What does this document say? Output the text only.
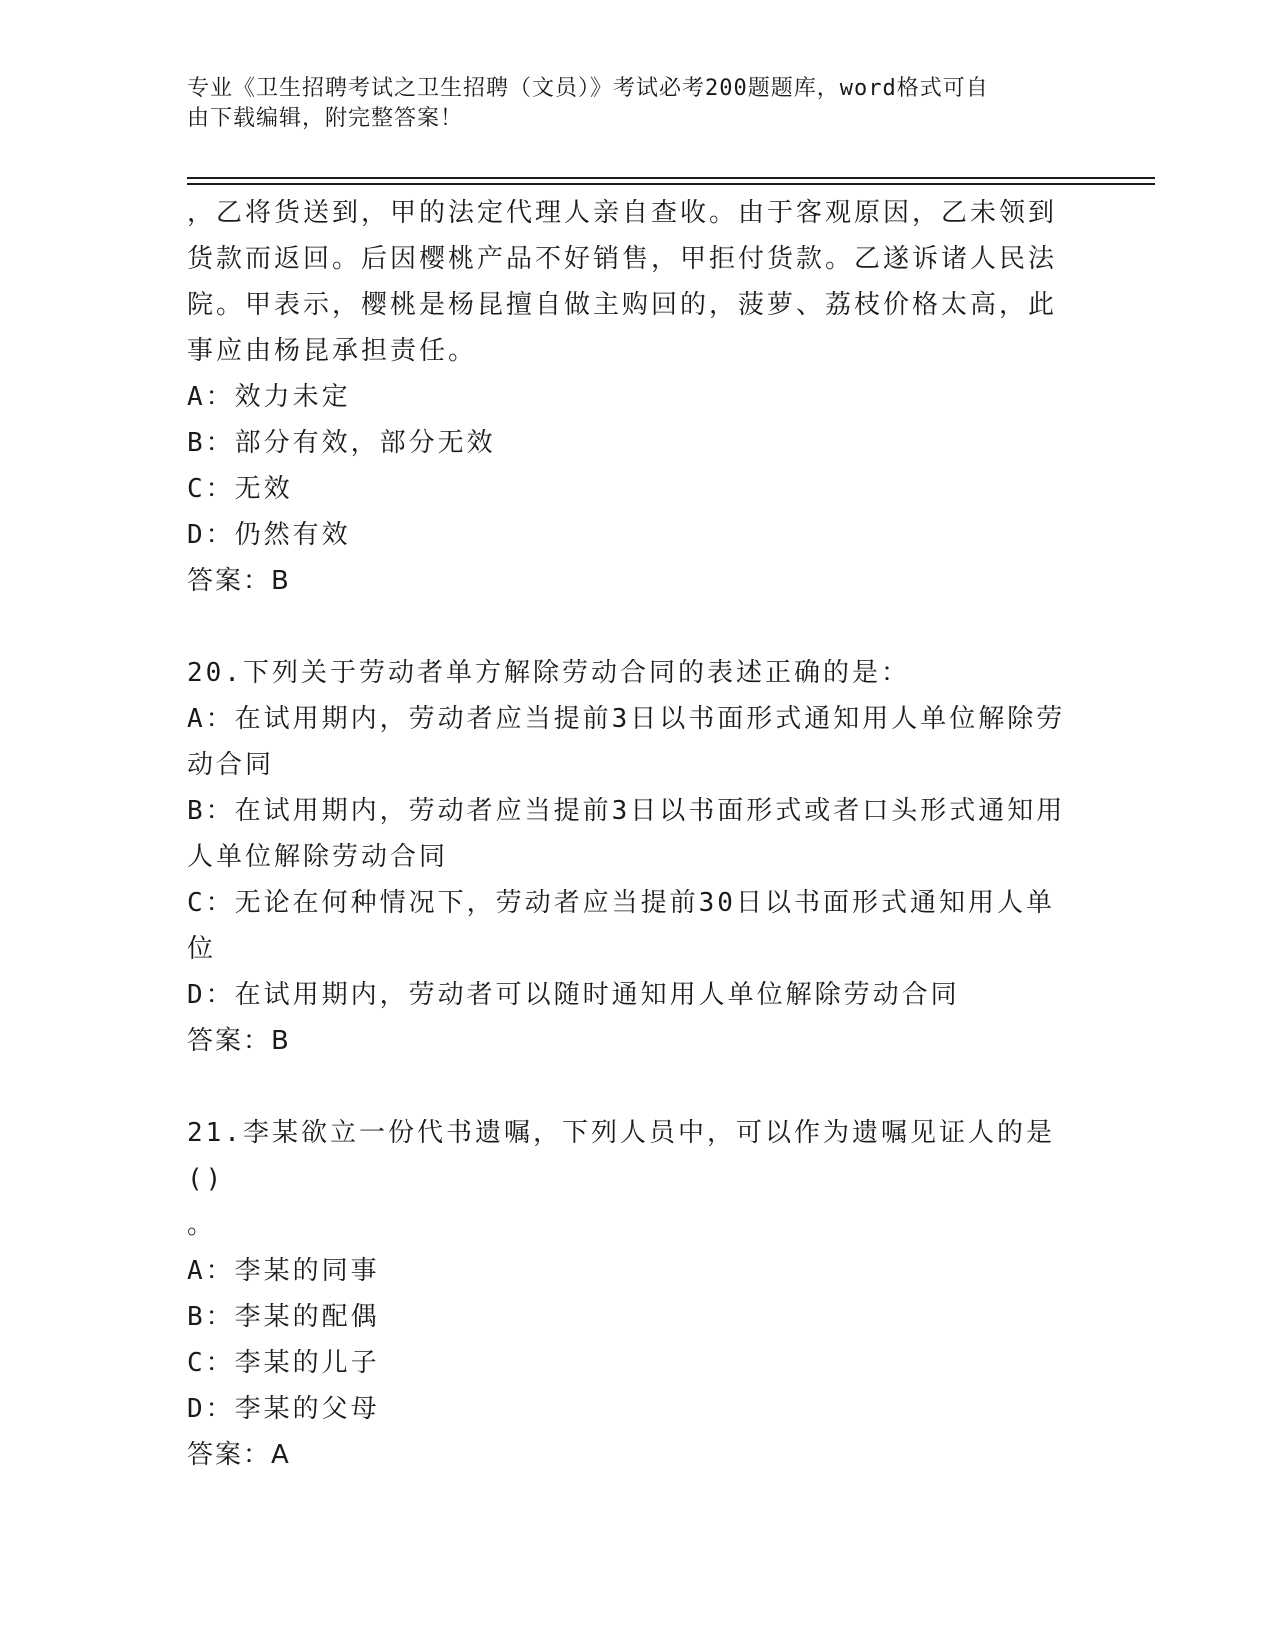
专业《卫生招聘考试之卫生招聘（文员）》考试必考200题题库，word格式可自
由下载编辑，附完整答案！
，乙将货送到，甲的法定代理人亲自查收。由于客观原因，乙未领到
货款而返回。后因樱桃产品不好销售，甲拒付货款。乙遂诉诸人民法
院。甲表示，樱桃是杨昆擅自做主购回的，菠萝、荔枝价格太高，此
事应由杨昆承担责任。
A：效力未定
B：部分有效，部分无效
C：无效
D：仍然有效
答案：B
20.下列关于劳动者单方解除劳动合同的表述正确的是：
A：在试用期内，劳动者应当提前3日以书面形式通知用人单位解除劳
动合同
B：在试用期内，劳动者应当提前3日以书面形式或者口头形式通知用
人单位解除劳动合同
C：无论在何种情况下，劳动者应当提前30日以书面形式通知用人单
位
D：在试用期内，劳动者可以随时通知用人单位解除劳动合同
答案：B
21.李某欲立一份代书遗嘱，下列人员中，可以作为遗嘱见证人的是()
。
A：李某的同事
B：李某的配偶
C：李某的儿子
D：李某的父母
答案：A
